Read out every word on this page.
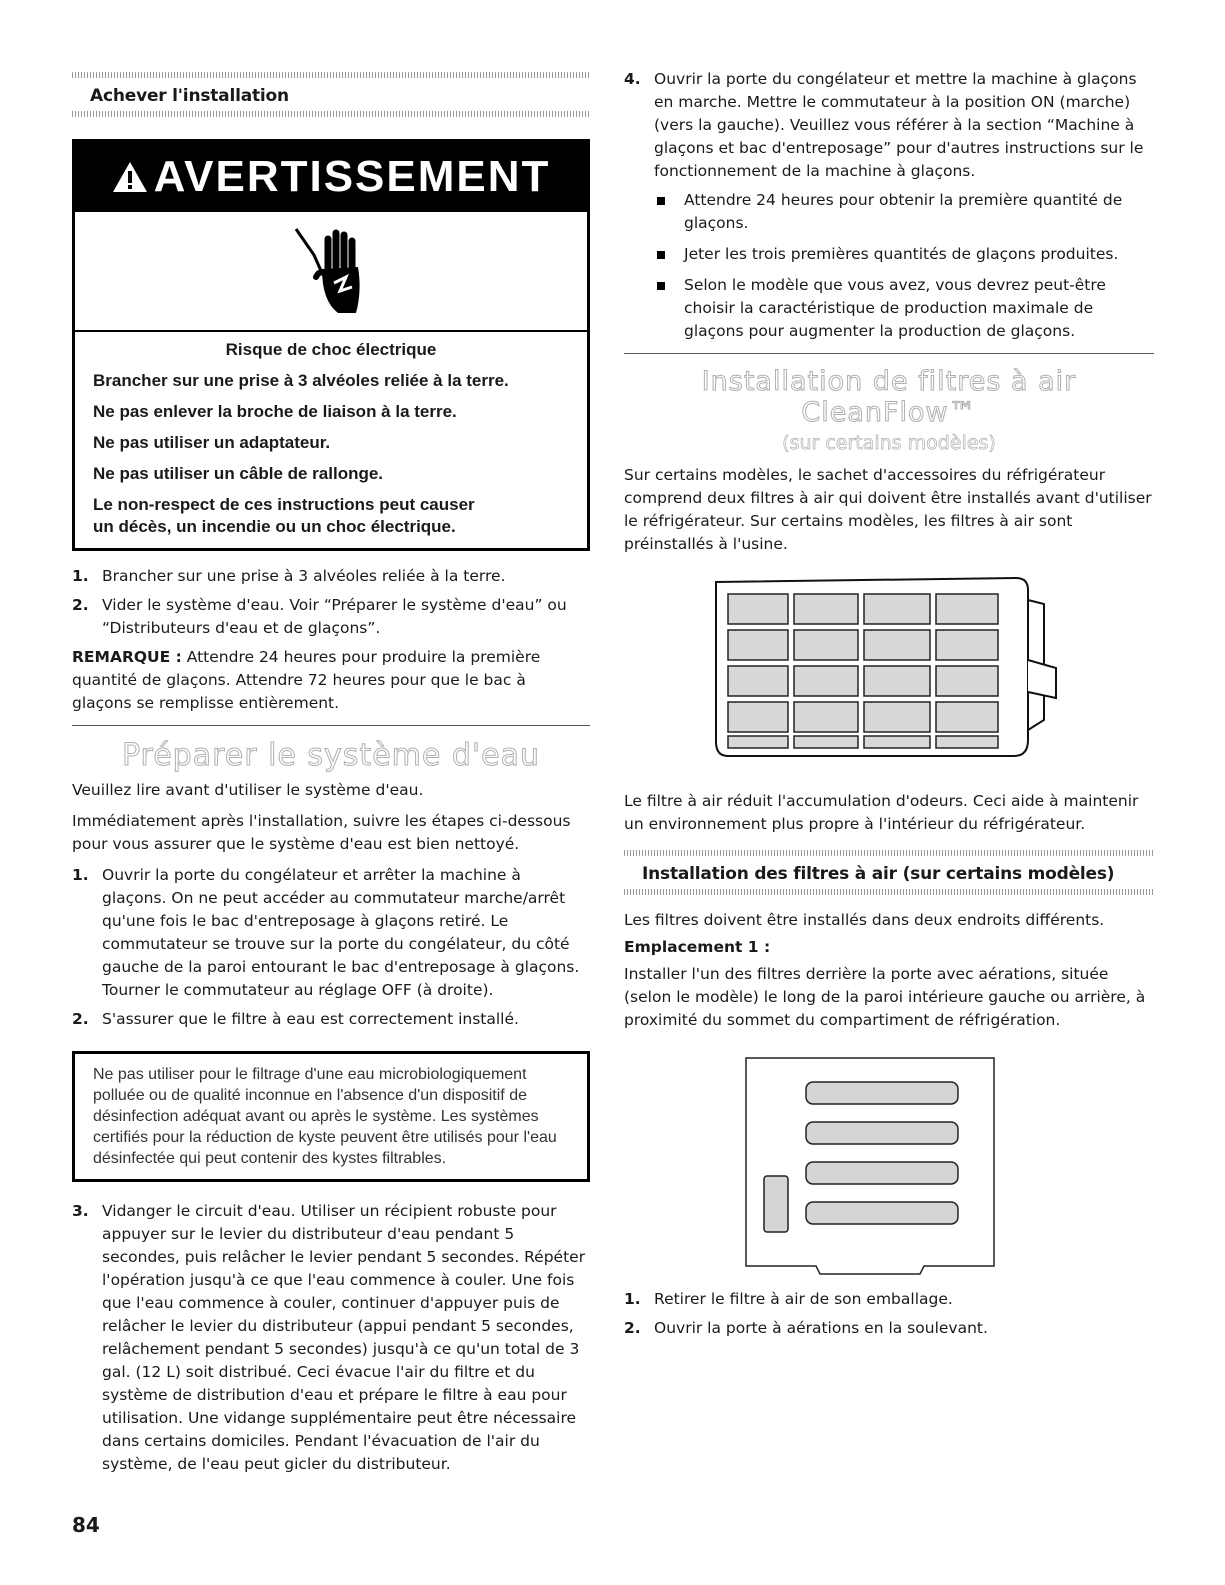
Achever l'installation
AVERTISSEMENT
Risque de choc électrique

Brancher sur une prise à 3 alvéoles reliée à la terre.

Ne pas enlever la broche de liaison à la terre.

Ne pas utiliser un adaptateur.

Ne pas utiliser un câble de rallonge.

Le non-respect de ces instructions peut causer

un décès, un incendie ou un choc électrique.

1. Brancher sur une prise à 3 alvéoles reliée à la terre.
2. Vider le système d'eau. Voir “Préparer le système d'eau” ou “Distributeurs d'eau et de glaçons”.

REMARQUE : Attendre 24 heures pour produire la première quantité de glaçons. Attendre 72 heures pour que le bac à glaçons se remplisse entièrement.

Préparer le système d'eau

Veuillez lire avant d'utiliser le système d'eau.

Immédiatement après l'installation, suivre les étapes ci-dessous pour vous assurer que le système d'eau est bien nettoyé.

1. Ouvrir la porte du congélateur et arrêter la machine à glaçons. On ne peut accéder au commutateur marche/arrêt qu'une fois le bac d'entreposage à glaçons retiré. Le commutateur se trouve sur la porte du congélateur, du côté gauche de la paroi entourant le bac d'entreposage à glaçons. Tourner le commutateur au réglage OFF (à droite).
2. S'assurer que le filtre à eau est correctement installé.
Ne pas utiliser pour le filtrage d'une eau microbiologiquement polluée ou de qualité inconnue en l'absence d'un dispositif de désinfection adéquat avant ou après le système. Les systèmes certifiés pour la réduction de kyste peuvent être utilisés pour l'eau désinfectée qui peut contenir des kystes filtrables.
3. Vidanger le circuit d'eau. Utiliser un récipient robuste pour appuyer sur le levier du distributeur d'eau pendant 5 secondes, puis relâcher le levier pendant 5 secondes. Répéter l'opération jusqu'à ce que l'eau commence à couler. Une fois que l'eau commence à couler, continuer d'appuyer puis de relâcher le levier du distributeur (appui pendant 5 secondes, relâchement pendant 5 secondes) jusqu'à ce qu'un total de 3 gal. (12 L) soit distribué. Ceci évacue l'air du filtre et du système de distribution d'eau et prépare le filtre à eau pour utilisation. Une vidange supplémentaire peut être nécessaire dans certains domiciles. Pendant l'évacuation de l'air du système, de l'eau peut gicler du distributeur.
4. Ouvrir la porte du congélateur et mettre la machine à glaçons en marche. Mettre le commutateur à la position ON (marche) (vers la gauche). Veuillez vous référer à la section “Machine à glaçons et bac d'entreposage” pour d'autres instructions sur le fonctionnement de la machine à glaçons.
Attendre 24 heures pour obtenir la première quantité de glaçons.
Jeter les trois premières quantités de glaçons produites.
Selon le modèle que vous avez, vous devrez peut-être choisir la caractéristique de production maximale de glaçons pour augmenter la production de glaçons.
Installation de filtres à air CleanFlow™
(sur certains modèles)
Sur certains modèles, le sachet d'accessoires du réfrigérateur comprend deux filtres à air qui doivent être installés avant d'utiliser le réfrigérateur. Sur certains modèles, les filtres à air sont préinstallés à l'usine.
Le filtre à air réduit l'accumulation d'odeurs. Ceci aide à maintenir un environnement plus propre à l'intérieur du réfrigérateur.
Installation des filtres à air (sur certains modèles)
Les filtres doivent être installés dans deux endroits différents.
Emplacement 1 :
Installer l'un des filtres derrière la porte avec aérations, située (selon le modèle) le long de la paroi intérieure gauche ou arrière, à proximité du sommet du compartiment de réfrigération.
1. Retirer le filtre à air de son emballage.
2. Ouvrir la porte à aérations en la soulevant.
84
